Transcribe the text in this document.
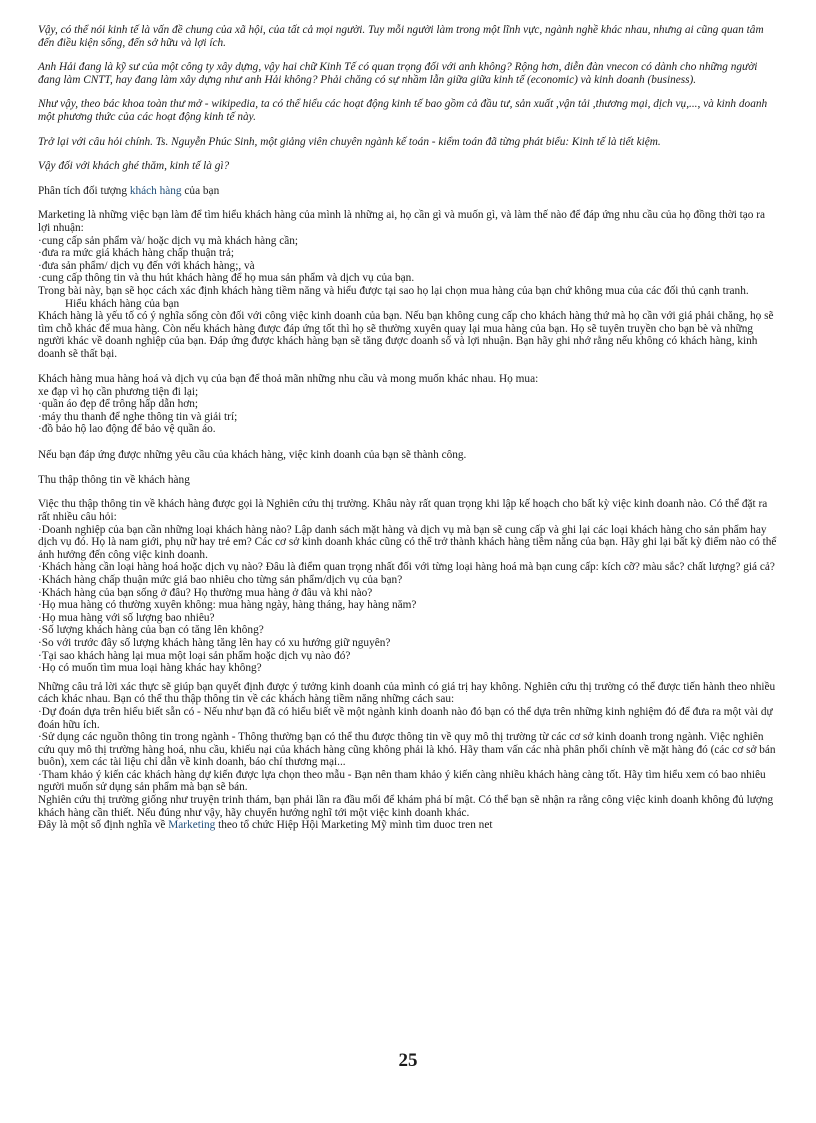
Vậy, có thể nói kinh tế là vấn đề chung của xã hội, của tất cả mọi người. Tuy mỗi người làm trong một lĩnh vực, ngành nghề khác nhau, nhưng ai cũng quan tâm đến điều kiện sống, đến sở hữu và lợi ích.

Anh Hải đang là kỹ sư của một công ty xây dựng, vậy hai chữ Kinh Tế có quan trọng đối với anh không? Rộng hơn, diễn đàn vnecon có dành cho những người đang làm CNTT, hay đang làm xây dựng như anh Hải không? Phải chăng có sự nhầm lẫn giữa giữa kinh tế (economic) và kinh doanh (business).

Như vậy, theo bác khoa toàn thư mở - wikipedia, ta có thể hiểu các hoạt động kinh tế bao gồm cả đầu tư, sản xuất ,vận tải ,thương mại, dịch vụ,..., và kinh doanh một phương thức của các hoạt động kinh tế này.

Trở lại với câu hỏi chính. Ts. Nguyễn Phúc Sinh, một giảng viên chuyên ngành kế toán - kiểm toán đã từng phát biểu: Kinh tế là tiết kiệm.

Vậy đối với khách ghé thăm, kinh tế là gì?

Phân tích đối tượng khách hàng của bạn

Marketing là những việc bạn làm để tìm hiểu khách hàng của mình là những ai, họ cần gì và muốn gì, và làm thế nào để đáp ứng nhu cầu của họ đồng thời tạo ra lợi nhuận:

·cung cấp sản phẩm và/ hoặc dịch vụ mà khách hàng cần;

·đưa ra mức giá khách hàng chấp thuận trả;

·đưa sản phẩm/ dịch vụ đến với khách hàng;, và

·cung cấp thông tin và thu hút khách hàng để họ mua sản phẩm và dịch vụ của bạn.

Trong bài này, bạn sẽ học cách xác định khách hàng tiềm năng và hiểu được tại sao họ lại chọn mua hàng của bạn chứ không mua của các đối thủ cạnh tranh.

Hiểu khách hàng của bạn

Khách hàng là yếu tố có ý nghĩa sống còn đối với công việc kinh doanh của bạn. Nếu bạn không cung cấp cho khách hàng thứ mà họ cần với giá phải chăng, họ sẽ tìm chỗ khác để mua hàng. Còn nếu khách hàng được đáp ứng tốt thì họ sẽ thường xuyên quay lại mua hàng của bạn. Họ sẽ tuyên truyền cho bạn bè và những người khác về doanh nghiệp của bạn. Đáp ứng được khách hàng bạn sẽ tăng được doanh số và lợi nhuận. Bạn hãy ghi nhớ rằng nếu không có khách hàng, kinh doanh sẽ thất bại.

Khách hàng mua hàng hoá và dịch vụ của bạn để thoả mãn những nhu cầu và mong muốn khác nhau. Họ mua:

xe đạp vì họ cần phương tiện đi lại;

·quần áo đẹp để trông hấp dẫn hơn;

·máy thu thanh để nghe thông tin và giải trí;

·đồ bảo hộ lao động để bảo vệ quần áo.

Nếu bạn đáp ứng được những yêu cầu của khách hàng, việc kinh doanh của bạn sẽ thành công.

Thu thập thông tin về khách hàng

Việc thu thập thông tin về khách hàng được gọi là Nghiên cứu thị trường. Khâu này rất quan trọng khi lập kế hoạch cho bất kỳ việc kinh doanh nào. Có thể đặt ra rất nhiều câu hỏi:

·Doanh nghiệp của bạn cần những loại khách hàng nào? Lập danh sách mặt hàng và dịch vụ mà bạn sẽ cung cấp và ghi lại các loại khách hàng cho sản phẩm hay dịch vụ đó. Họ là nam giới, phụ nữ hay trẻ em? Các cơ sở kinh doanh khác cũng có thể trở thành khách hàng tiềm năng của bạn. Hãy ghi lại bất kỳ điểm nào có thể ảnh hưởng đến công việc kinh doanh.

·Khách hàng cần loại hàng hoá hoặc dịch vụ nào? Đâu là điểm quan trọng nhất đối với từng loại hàng hoá mà bạn cung cấp: kích cỡ? màu sắc? chất lượng? giá cả?

·Khách hàng chấp thuận mức giá bao nhiêu cho từng sản phẩm/dịch vụ của bạn?

·Khách hàng của bạn sống ở đâu? Họ thường mua hàng ở đâu và khi nào?

·Họ mua hàng có thường xuyên không: mua hàng ngày, hàng tháng, hay hàng năm?

·Họ mua hàng với số lượng bao nhiêu?

·Số lượng khách hàng của bạn có tăng lên không?

·So với trước đây số lượng khách hàng tăng lên hay có xu hướng giữ nguyên?

·Tại sao khách hàng lại mua một loại sản phẩm hoặc dịch vụ nào đó?

·Họ có muốn tìm mua loại hàng khác hay không?

Những câu trả lời xác thực sẽ giúp bạn quyết định được ý tưởng kinh doanh của mình có giá trị hay không. Nghiên cứu thị trường có thể được tiến hành theo nhiều cách khác nhau. Bạn có thể thu thập thông tin về các khách hàng tiềm năng những cách sau:

·Dự đoán dựa trên hiểu biết sẵn có - Nếu như bạn đã có hiểu biết về một ngành kinh doanh nào đó bạn có thể dựa trên những kinh nghiệm đó để đưa ra một vài dự đoán hữu ích.

·Sử dụng các nguồn thông tin trong ngành - Thông thường bạn có thể thu được thông tin về quy mô thị trường từ các cơ sở kinh doanh trong ngành. Việc nghiên cứu quy mô thị trường hàng hoá, nhu cầu, khiếu nại của khách hàng cũng không phải là khó. Hãy tham vấn các nhà phân phối chính về mặt hàng đó (các cơ sở bán buôn), xem các tài liệu chỉ dẫn về kinh doanh, báo chí thương mại...

·Tham khảo ý kiến các khách hàng dự kiến được lựa chọn theo mẫu - Bạn nên tham khảo ý kiến càng nhiều khách hàng càng tốt. Hãy tìm hiểu xem có bao nhiêu người muốn sử dụng sản phẩm mà bạn sẽ bán.

Nghiên cứu thị trường giống như truyện trinh thám, bạn phải lần ra đầu mối để khám phá bí mật. Có thể bạn sẽ nhận ra rằng công việc kinh doanh không đủ lượng khách hàng cần thiết. Nếu đúng như vậy, hãy chuyển hướng nghĩ tới một việc kinh doanh khác.

Đây là một số định nghĩa về Marketing theo tổ chức Hiệp Hội Marketing Mỹ mình tìm duoc tren net

25
